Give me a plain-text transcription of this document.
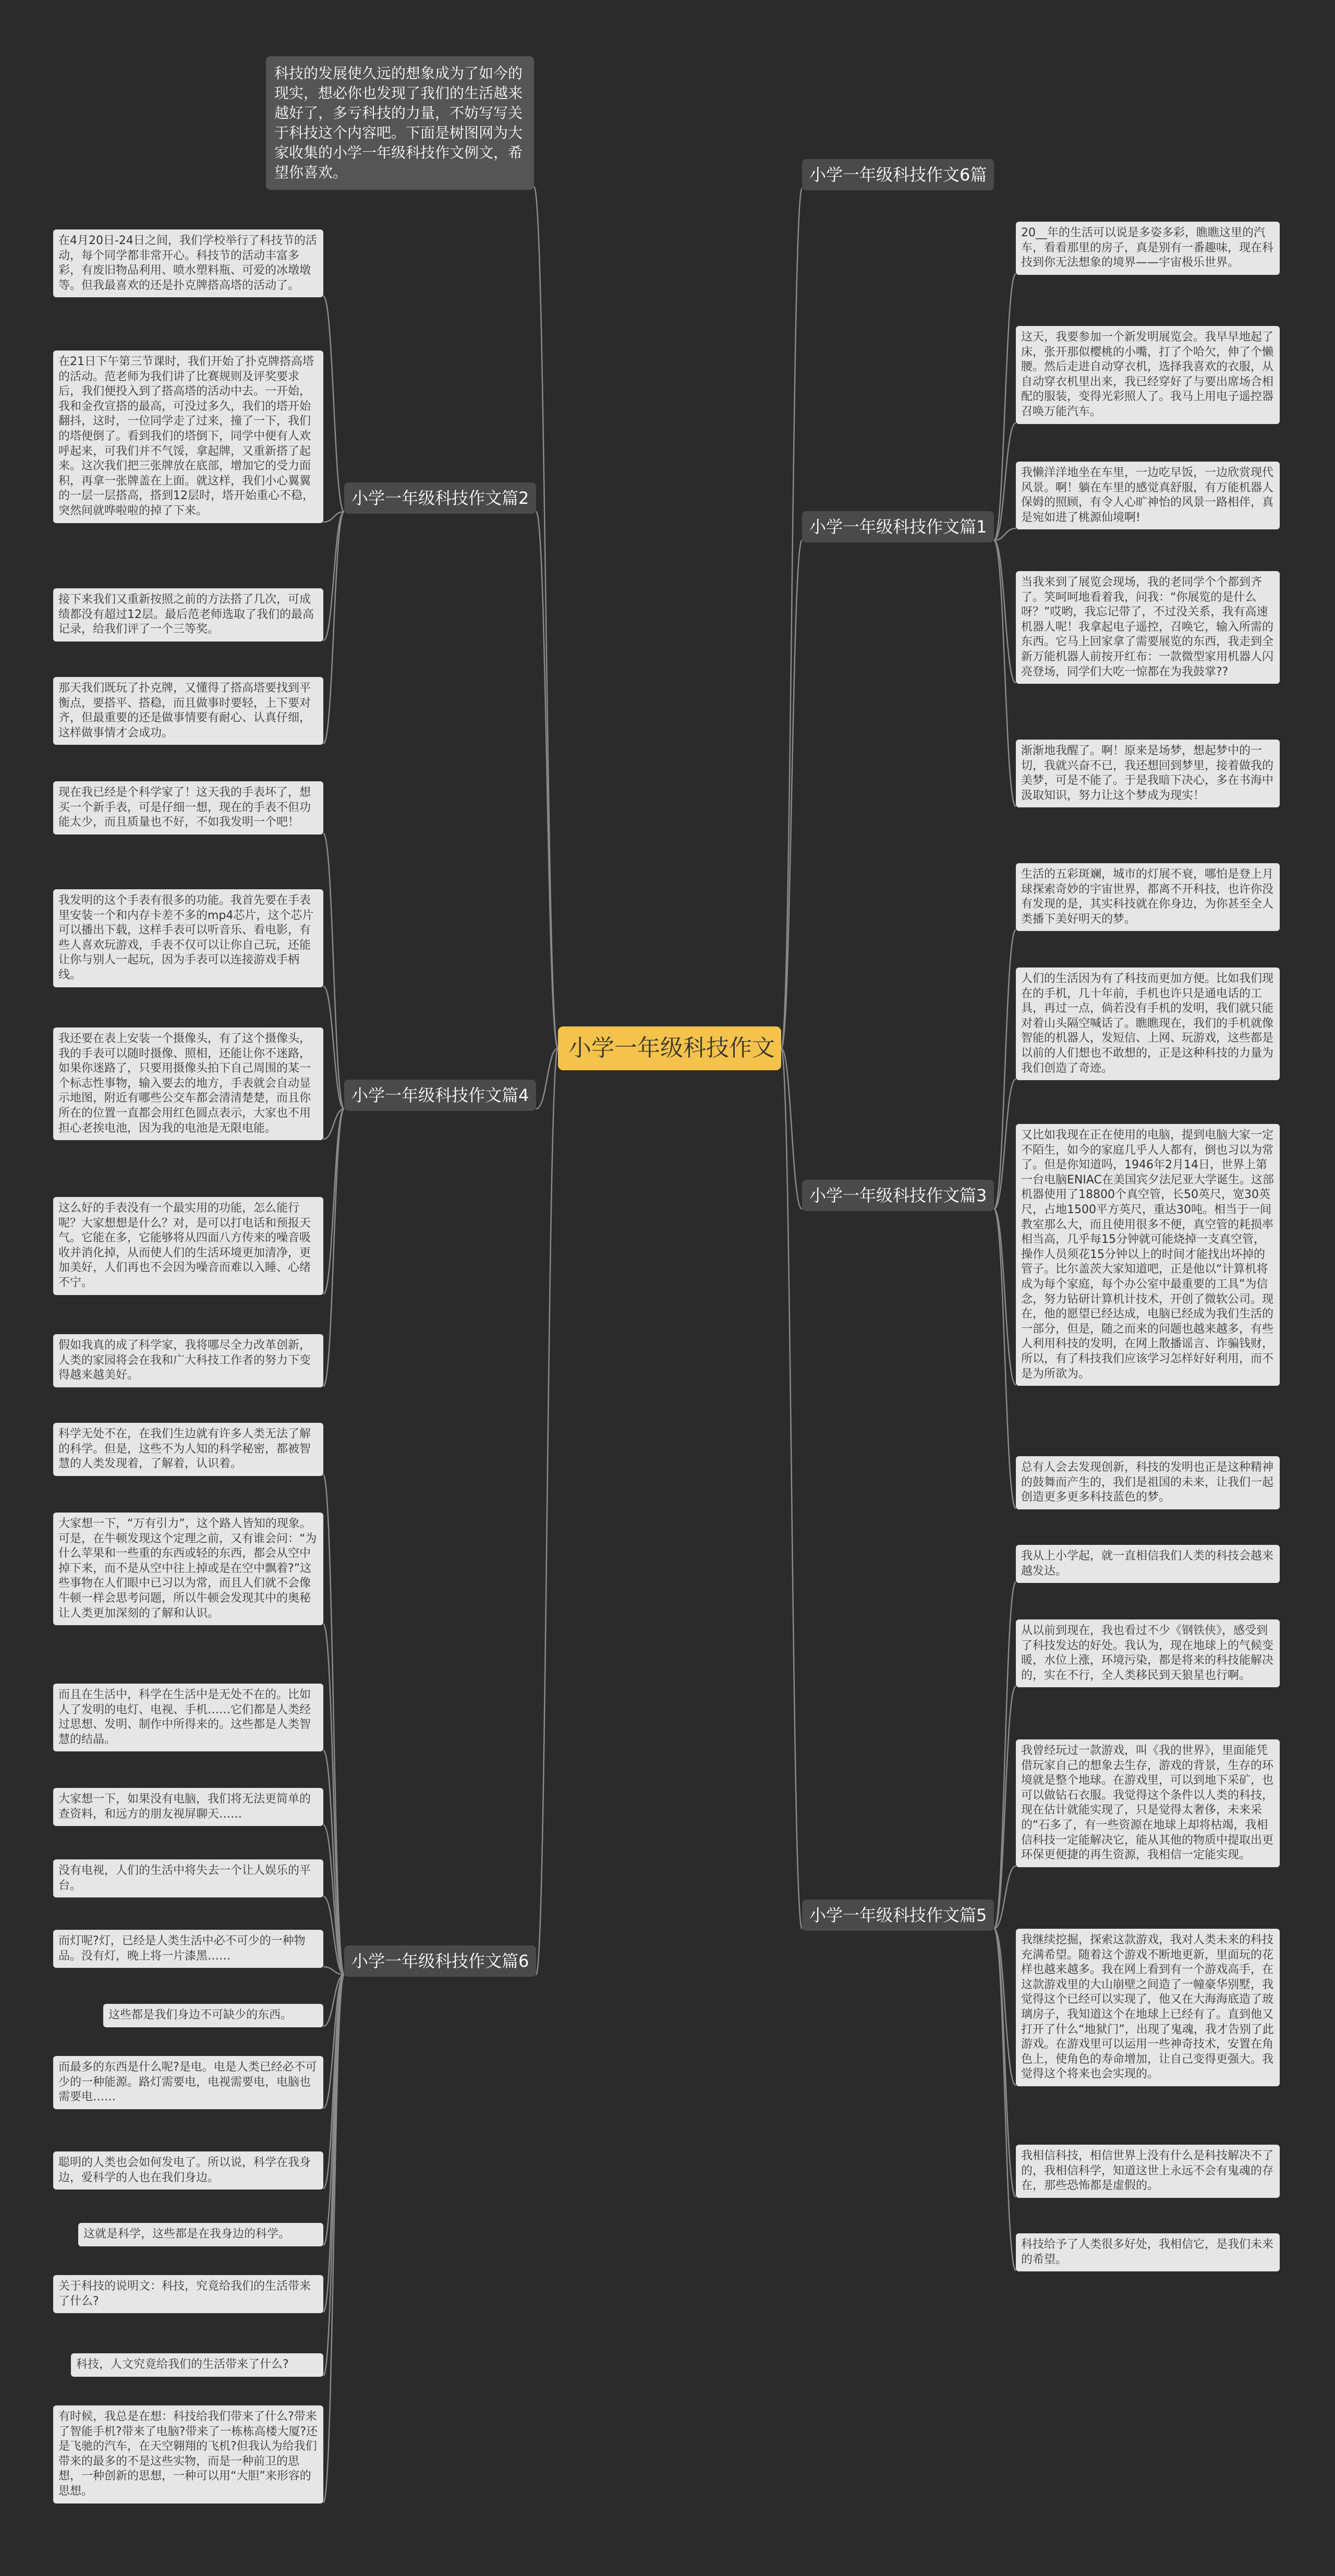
小学一年级科技作文
科技的发展使久远的想象成为了如今的现实，想必你也发现了我们的生活越来越好了，多亏科技的力量，不妨写写关于科技这个内容吧。下面是树图网为大家收集的小学一年级科技作文例文，希望你喜欢。	小学一年级科技作文6篇
小学一年级科技作文篇1
小学一年级科技作文篇2
小学一年级科技作文篇3
小学一年级科技作文篇4
小学一年级科技作文篇5
小学一年级科技作文篇6
20__年的生活可以说是多姿多彩，瞧瞧这里的汽车，看看那里的房子，真是别有一番趣味，现在科技到你无法想象的境界——宇宙极乐世界。
这天，我要参加一个新发明展览会。我早早地起了床，张开那似樱桃的小嘴，打了个哈欠，伸了个懒腰。然后走进自动穿衣机，选择我喜欢的衣服，从自动穿衣机里出来，我已经穿好了与要出席场合相配的服装，变得光彩照人了。我马上用电子遥控器召唤万能汽车。
我懒洋洋地坐在车里，一边吃早饭，一边欣赏现代风景。啊！躺在车里的感觉真舒服，有万能机器人保姆的照顾，有令人心旷神怡的风景一路相伴，真是宛如进了桃源仙境啊!
当我来到了展览会现场，我的老同学个个都到齐了。笑呵呵地看着我，问我：“你展览的是什么呀？”哎哟，我忘记带了，不过没关系，我有高速机器人呢！我拿起电子遥控，召唤它，输入所需的东西。它马上回家拿了需要展览的东西，我走到全新万能机器人前按开红布：一款微型家用机器人闪亮登场，同学们大吃一惊都在为我鼓掌??
渐渐地我醒了。啊！原来是场梦，想起梦中的一切，我就兴奋不已，我还想回到梦里，接着做我的美梦，可是不能了。于是我暗下决心，多在书海中汲取知识，努力让这个梦成为现实！
生活的五彩斑斓，城市的灯展不衰，哪怕是登上月球探索奇妙的宇宙世界，都离不开科技，也许你没有发现的是，其实科技就在你身边，为你甚至全人类播下美好明天的梦。
人们的生活因为有了科技而更加方便。比如我们现在的手机，几十年前，手机也许只是通电话的工具，再过一点，倘若没有手机的发明，我们就只能对着山头隔空喊话了。瞧瞧现在，我们的手机就像智能的机器人，发短信、上网、玩游戏，这些都是以前的人们想也不敢想的，正是这种科技的力量为我们创造了奇迹。
又比如我现在正在使用的电脑，提到电脑大家一定不陌生，如今的家庭几乎人人都有，倒也习以为常了。但是你知道吗，1946年2月14日，世界上第一台电脑ENIAC在美国宾夕法尼亚大学诞生。这部机器使用了18800个真空管，长50英尺，宽30英尺，占地1500平方英尺，重达30吨。相当于一间教室那么大，而且使用很多不便，真空管的耗损率相当高，几乎每15分钟就可能烧掉一支真空管，操作人员须花15分钟以上的时间才能找出坏掉的管子。比尔盖茨大家知道吧，正是他以“计算机将成为每个家庭，每个办公室中最重要的工具”为信念，努力钻研计算机计技术，开创了微软公司。现在，他的愿望已经达成，电脑已经成为我们生活的一部分，但是，随之而来的问题也越来越多，有些人利用科技的发明，在网上散播谣言、诈骗钱财，所以，有了科技我们应该学习怎样好好利用，而不是为所欲为。
总有人会去发现创新，科技的发明也正是这种精神的鼓舞而产生的，我们是祖国的未来，让我们一起创造更多更多科技蓝色的梦。
我从上小学起，就一直相信我们人类的科技会越来越发达。
从以前到现在，我也看过不少《钢铁侠》，感受到了科技发达的好处。我认为，现在地球上的气候变暖，水位上涨，环境污染，都是将来的科技能解决的，实在不行，全人类移民到天狼星也行啊。
我曾经玩过一款游戏，叫《我的世界》，里面能凭借玩家自己的想象去生存，游戏的背景，生存的环境就是整个地球。在游戏里，可以到地下采矿，也可以做钻石衣服。我觉得这个条件以人类的科技，现在估计就能实现了，只是觉得太奢侈，未来采的“石多了，有一些资源在地球上却将枯竭，我相信科技一定能解决它，能从其他的物质中提取出更环保更便捷的再生资源，我相信一定能实现。
我继续挖掘，探索这款游戏，我对人类未来的科技充满希望。随着这个游戏不断地更新，里面玩的花样也越来越多。我在网上看到有一个游戏高手，在这款游戏里的大山崩壁之间造了一幢豪华别墅，我觉得这个已经可以实现了，他又在大海海底造了玻璃房子，我知道这个在地球上已经有了。直到他又打开了什么“地狱门”，出现了鬼魂，我才告别了此游戏。在游戏里可以运用一些神奇技术，安置在角色上，使角色的寿命增加，让自己变得更强大。我觉得这个将来也会实现的。
我相信科技，相信世界上没有什么是科技解决不了的，我相信科学，知道这世上永远不会有鬼魂的存在，那些恐怖都是虚假的。
科技给予了人类很多好处，我相信它，是我们未来的希望。
在4月20日-24日之间，我们学校举行了科技节的活动，每个同学都非常开心。科技节的活动丰富多彩，有废旧物品利用、喷水塑料瓶、可爱的冰墩墩等。但我最喜欢的还是扑克牌搭高塔的活动了。
在21日下午第三节课时，我们开始了扑克牌搭高塔的活动。范老师为我们讲了比赛规则及评奖要求后，我们便投入到了搭高塔的活动中去。一开始，我和金孜宣搭的最高，可没过多久，我们的塔开始翻抖，这时，一位同学走了过来，撞了一下，我们的塔便倒了。看到我们的塔倒下，同学中便有人欢呼起来，可我们并不气馁，拿起牌，又重新搭了起来。这次我们把三张牌放在底部，增加它的受力面积，再拿一张牌盖在上面。就这样，我们小心翼翼的一层一层搭高，搭到12层时，塔开始重心不稳，突然间就哗啦啦的掉了下来。
接下来我们又重新按照之前的方法搭了几次，可成绩都没有超过12层。最后范老师选取了我们的最高记录，给我们评了一个三等奖。
那天我们既玩了扑克牌，又懂得了搭高塔要找到平衡点，要搭平、搭稳，而且做事时要轻，上下要对齐，但最重要的还是做事情要有耐心、认真仔细，这样做事情才会成功。
现在我已经是个科学家了！这天我的手表坏了，想买一个新手表，可是仔细一想，现在的手表不但功能太少，而且质量也不好，不如我发明一个吧！
我发明的这个手表有很多的功能。我首先要在手表里安装一个和内存卡差不多的mp4芯片，这个芯片可以播出下载，这样手表可以听音乐、看电影，有些人喜欢玩游戏，手表不仅可以让你自己玩，还能让你与别人一起玩，因为手表可以连接游戏手柄线。
我还要在表上安装一个摄像头，有了这个摄像头，我的手表可以随时摄像、照相，还能让你不迷路，如果你迷路了，只要用摄像头拍下自己周围的某一个标志性事物，输入要去的地方，手表就会自动显示地图，附近有哪些公交车都会清清楚楚，而且你所在的位置一直都会用红色圆点表示，大家也不用担心老挨电池，因为我的电池是无限电能。
这么好的手表没有一个最实用的功能，怎么能行呢？大家想想是什么？对，是可以打电话和预报天气。它能在多，它能够将从四面八方传来的噪音吸收并消化掉，从而使人们的生活环境更加清净，更加美好，人们再也不会因为噪音而难以入睡、心绪不宁。
假如我真的成了科学家，我将哪尽全力改革创新，人类的家园将会在我和广大科技工作者的努力下变得越来越美好。
科学无处不在，在我们生边就有许多人类无法了解的科学。但是，这些不为人知的科学秘密，都被智慧的人类发现着，了解着，认识着。
大家想一下，“万有引力”，这个路人皆知的现象。可是，在牛顿发现这个定理之前，又有谁会问：“为什么苹果和一些重的东西或轻的东西，都会从空中掉下来，而不是从空中往上掉或是在空中飘着?”这些事物在人们眼中已习以为常，而且人们就不会像牛顿一样会思考问题，所以牛顿会发现其中的奥秘让人类更加深刻的了解和认识。
而且在生活中，科学在生活中是无处不在的。比如人了发明的电灯、电视、手机……它们都是人类经过思想、发明、制作中所得来的。这些都是人类智慧的结晶。
大家想一下，如果没有电脑，我们将无法更简单的查资料，和远方的朋友视屏聊天……
没有电视，人们的生活中将失去一个让人娱乐的平台。
而灯呢?灯，已经是人类生活中必不可少的一种物品。没有灯，晚上将一片漆黑……
这些都是我们身边不可缺少的东西。
而最多的东西是什么呢?是电。电是人类已经必不可少的一种能源。路灯需要电，电视需要电，电脑也需要电……
聪明的人类也会如何发电了。所以说，科学在我身边，爱科学的人也在我们身边。
这就是科学，这些都是在我身边的科学。
关于科技的说明文：科技，究竟给我们的生活带来了什么?
科技，人文究竟给我们的生活带来了什么?
有时候，我总是在想：科技给我们带来了什么?带来了智能手机?带来了电脑?带来了一栋栋高楼大厦?还是飞驰的汽车，在天空翱翔的飞机?但我认为给我们带来的最多的不是这些实物，而是一种前卫的思想，一种创新的思想，一种可以用“大胆”来形容的思想。
